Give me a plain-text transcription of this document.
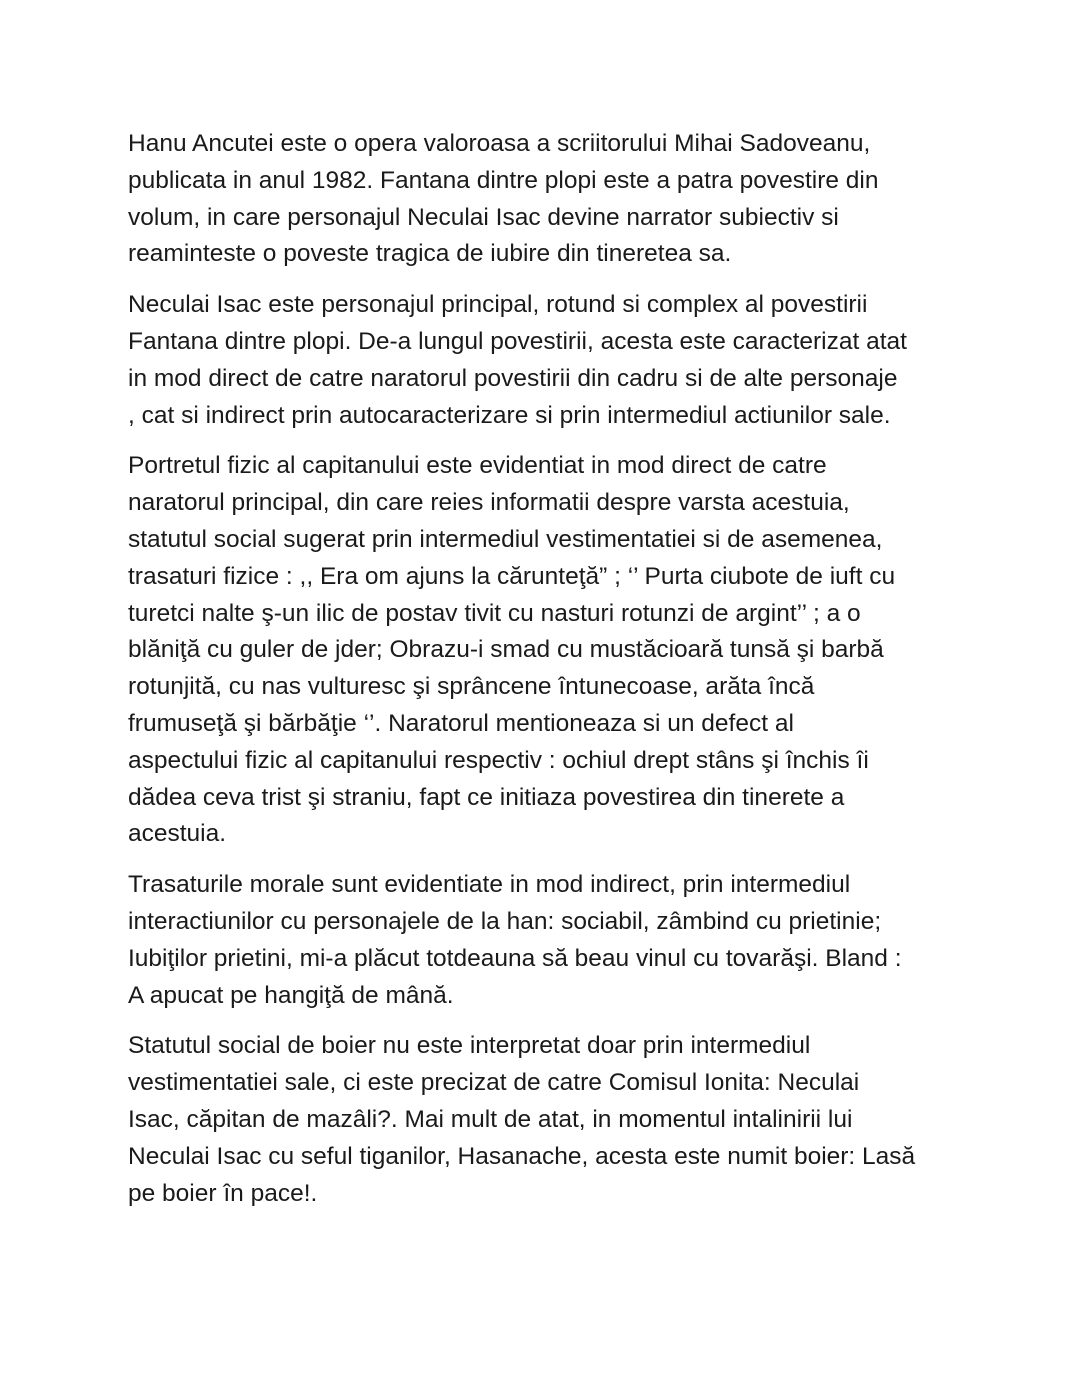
Hanu Ancutei este o opera valoroasa a scriitorului Mihai Sadoveanu,
publicata in anul 1982. Fantana dintre plopi este a patra povestire din
volum, in care personajul Neculai Isac devine narrator subiectiv si
reaminteste o poveste tragica de iubire din tineretea sa.

Neculai Isac este personajul principal, rotund si complex al povestirii
Fantana dintre plopi. De-a lungul povestirii, acesta este caracterizat atat
in mod direct de catre naratorul povestirii din cadru si de alte personaje
, cat si indirect prin autocaracterizare si prin intermediul actiunilor sale.

Portretul fizic al capitanului este evidentiat in mod direct de catre
naratorul principal, din care reies informatii despre varsta acestuia,
statutul social sugerat prin intermediul vestimentatiei si de asemenea,
trasaturi fizice : ,, Era om ajuns la cărunteţă” ; ‘’ Purta ciubote de iuft cu
turetci nalte ş-un ilic de postav tivit cu nasturi rotunzi de argint’’ ; a o
blăniţă cu guler de jder; Obrazu-i smad cu mustăcioară tunsă şi barbă
rotunjită, cu nas vulturesc şi sprâncene întunecoase, arăta încă
frumuseţă şi bărbăţie ‘’. Naratorul mentioneaza si un defect al
aspectului fizic al capitanului respectiv : ochiul drept stâns şi închis îi
dădea ceva trist şi straniu, fapt ce initiaza povestirea din tinerete a
acestuia.

Trasaturile morale sunt evidentiate in mod indirect, prin intermediul
interactiunilor cu personajele de la han: sociabil, zâmbind cu prietinie;
Iubiţilor prietini, mi-a plăcut totdeauna să beau vinul cu tovarăşi. Bland :
A apucat pe hangiţă de mână.

Statutul social de boier nu este interpretat doar prin intermediul
vestimentatiei sale, ci este precizat de catre Comisul Ionita: Neculai
Isac, căpitan de mazâli?. Mai mult de atat, in momentul intalinirii lui
Neculai Isac cu seful tiganilor, Hasanache, acesta este numit boier: Lasă
pe boier în pace!.
